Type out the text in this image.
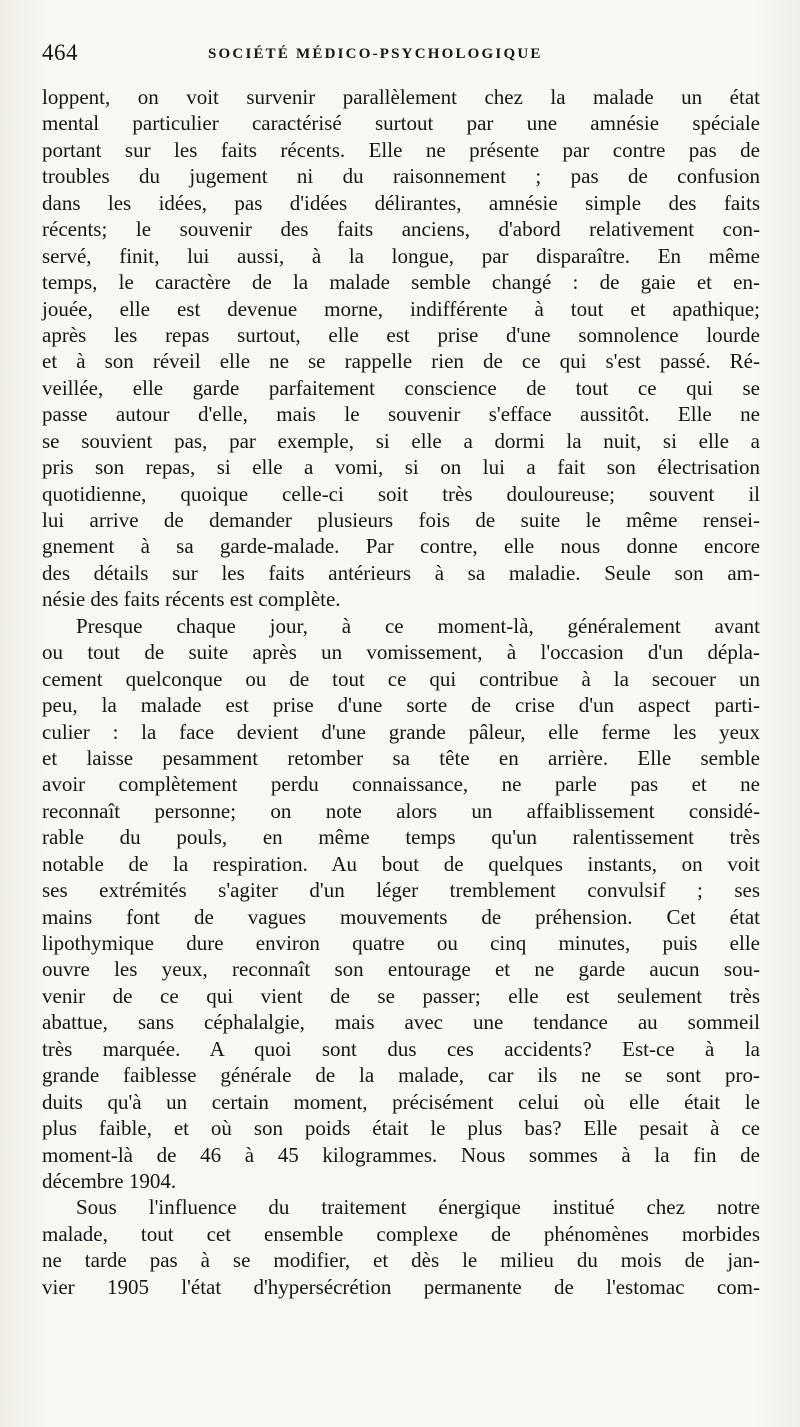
464	SOCIÉTÉ MÉDICO-PSYCHOLOGIQUE
loppent, on voit survenir parallèlement chez la malade un état
mental particulier caractérisé surtout par une amnésie spéciale
portant sur les faits récents. Elle ne présente par contre pas de
troubles du jugement ni du raisonnement ; pas de confusion
dans les idées, pas d'idées délirantes, amnésie simple des faits
récents; le souvenir des faits anciens, d'abord relativement con-
servé, finit, lui aussi, à la longue, par disparaître. En même
temps, le caractère de la malade semble changé : de gaie et en-
jouée, elle est devenue morne, indifférente à tout et apathique;
après les repas surtout, elle est prise d'une somnolence lourde
et à son réveil elle ne se rappelle rien de ce qui s'est passé. Ré-
veillée, elle garde parfaitement conscience de tout ce qui se
passe autour d'elle, mais le souvenir s'efface aussitôt. Elle ne
se souvient pas, par exemple, si elle a dormi la nuit, si elle a
pris son repas, si elle a vomi, si on lui a fait son électrisation
quotidienne, quoique celle-ci soit très douloureuse; souvent il
lui arrive de demander plusieurs fois de suite le même rensei-
gnement à sa garde-malade. Par contre, elle nous donne encore
des détails sur les faits antérieurs à sa maladie. Seule son am-
nésie des faits récents est complète.
Presque chaque jour, à ce moment-là, généralement avant
ou tout de suite après un vomissement, à l'occasion d'un dépla-
cement quelconque ou de tout ce qui contribue à la secouer un
peu, la malade est prise d'une sorte de crise d'un aspect parti-
culier : la face devient d'une grande pâleur, elle ferme les yeux
et laisse pesamment retomber sa tête en arrière. Elle semble
avoir complètement perdu connaissance, ne parle pas et ne
reconnaît personne; on note alors un affaiblissement considé-
rable du pouls, en même temps qu'un ralentissement très
notable de la respiration. Au bout de quelques instants, on voit
ses extrémités s'agiter d'un léger tremblement convulsif ; ses
mains font de vagues mouvements de préhension. Cet état
lipothymique dure environ quatre ou cinq minutes, puis elle
ouvre les yeux, reconnaît son entourage et ne garde aucun sou-
venir de ce qui vient de se passer; elle est seulement très
abattue, sans céphalalgie, mais avec une tendance au sommeil
très marquée. A quoi sont dus ces accidents? Est-ce à la
grande faiblesse générale de la malade, car ils ne se sont pro-
duits qu'à un certain moment, précisément celui où elle était le
plus faible, et où son poids était le plus bas? Elle pesait à ce
moment-là de 46 à 45 kilogrammes. Nous sommes à la fin de
décembre 1904.
Sous l'influence du traitement énergique institué chez notre
malade, tout cet ensemble complexe de phénomènes morbides
ne tarde pas à se modifier, et dès le milieu du mois de jan-
vier 1905 l'état d'hypersécrétion permanente de l'estomac com-
